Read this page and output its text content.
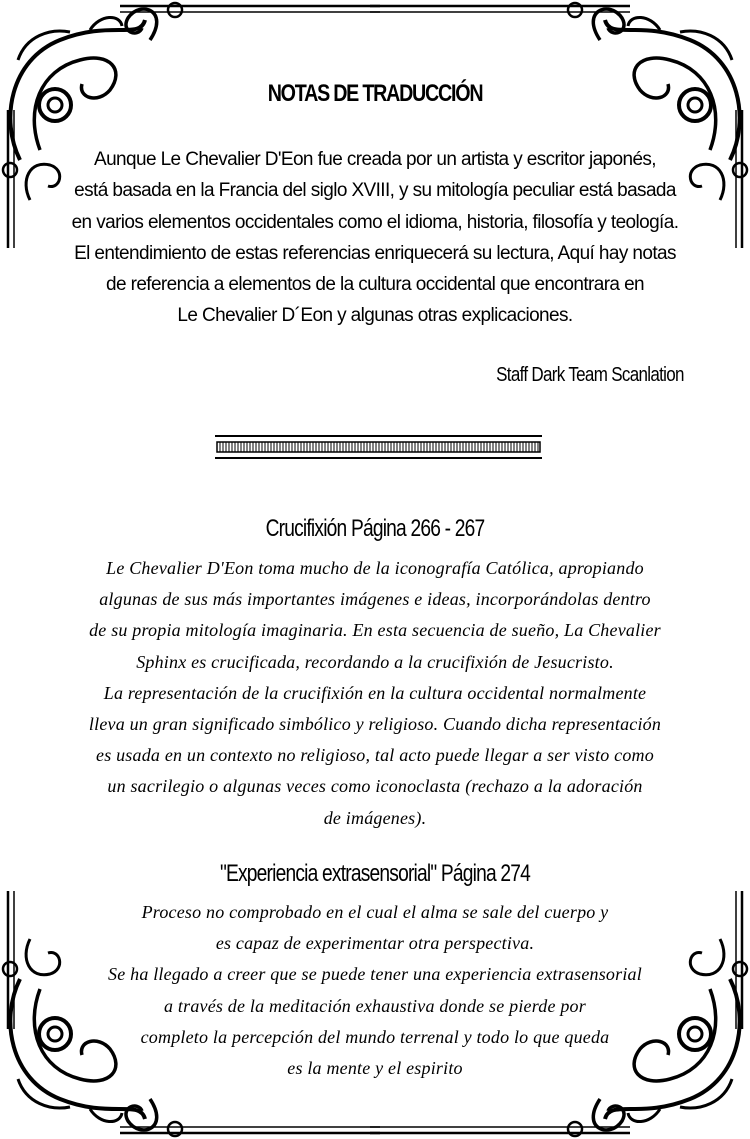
NOTAS DE TRADUCCIÓN
Aunque Le Chevalier D'Eon fue creada por un artista y escritor japonés,
está basada en la Francia del siglo XVIII, y su mitología peculiar está basada
en varios elementos occidentales como el idioma, historia, filosofía y teología.
El entendimiento de estas referencias enriquecerá su lectura, Aquí hay notas
de referencia a elementos de la cultura occidental que encontrara en
Le Chevalier D´Eon y algunas otras explicaciones.
Staff Dark Team Scanlation
Crucifixión Página 266 - 267
Le Chevalier D'Eon toma mucho de la iconografía Católica, apropiando
algunas de sus más importantes imágenes e ideas, incorporándolas dentro
de su propia mitología imaginaria. En esta secuencia de sueño, La Chevalier
Sphinx es crucificada, recordando a la crucifixión de Jesucristo.
La representación de la crucifixión en la cultura occidental normalmente
lleva un gran significado simbólico y religioso. Cuando dicha representación
es usada en un contexto no religioso, tal acto puede llegar a ser visto como
un sacrilegio o algunas veces como iconoclasta (rechazo a la adoración
de imágenes).
"Experiencia extrasensorial" Página 274
Proceso no comprobado en el cual el alma se sale del cuerpo y
es capaz de experimentar otra perspectiva.
Se ha llegado a creer que se puede tener una experiencia extrasensorial
a través de la meditación exhaustiva donde se pierde por
completo la percepción del mundo terrenal y todo lo que queda
es la mente y el espirito
